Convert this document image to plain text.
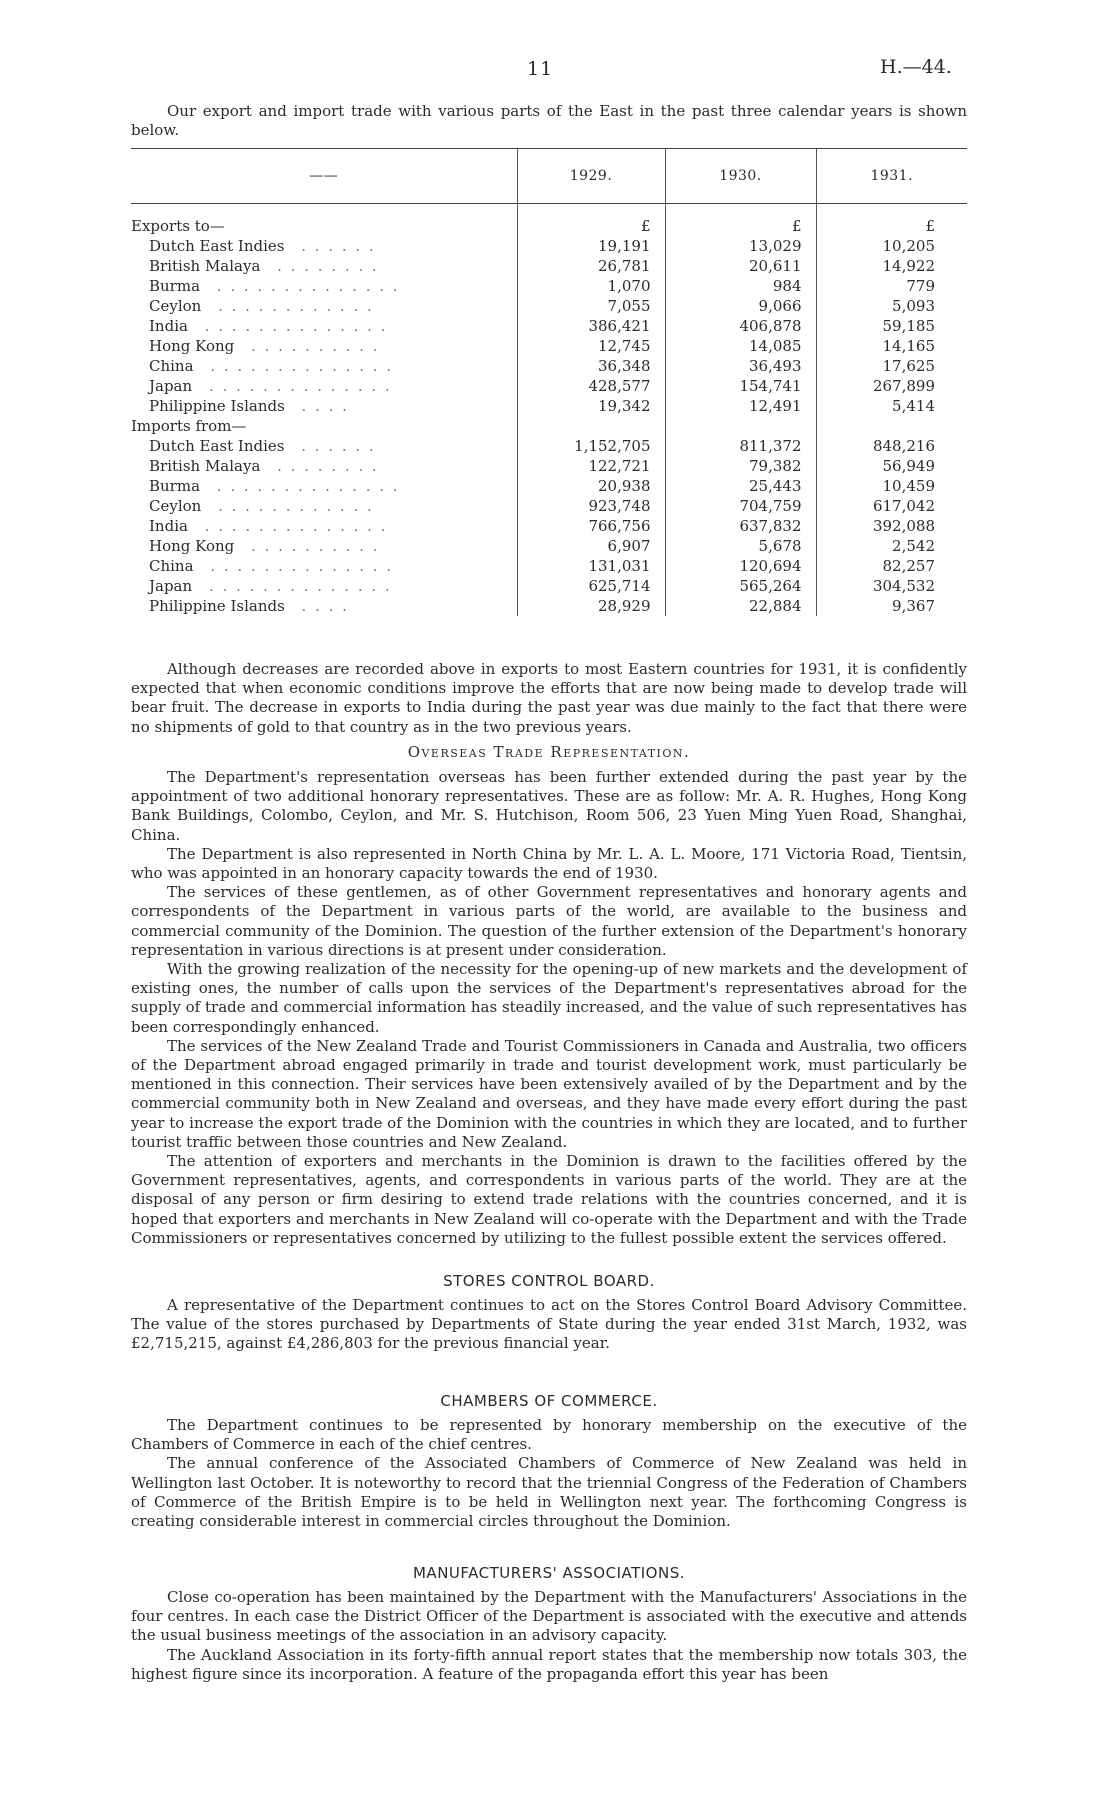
11	H.—44.

Our export and import trade with various parts of the East in the past three calendar years is shown below.

——	1929.	1930.	1931.

Exports to—	£	£	£
Dutch East Indies . . . . . .	19,191	13,029	10,205
British Malaya . . . . . . . .	26,781	20,611	14,922
Burma . . . . . . . . . . . . . .	1,070	984	779
Ceylon . . . . . . . . . . . .	7,055	9,066	5,093
India . . . . . . . . . . . . . .	386,421	406,878	59,185
Hong Kong . . . . . . . . . .	12,745	14,085	14,165
China . . . . . . . . . . . . . .	36,348	36,493	17,625
Japan . . . . . . . . . . . . . .	428,577	154,741	267,899
Philippine Islands . . . .	19,342	12,491	5,414
Imports from—			
Dutch East Indies . . . . . .	1,152,705	811,372	848,216
British Malaya . . . . . . . .	122,721	79,382	56,949
Burma . . . . . . . . . . . . . .	20,938	25,443	10,459
Ceylon . . . . . . . . . . . .	923,748	704,759	617,042
India . . . . . . . . . . . . . .	766,756	637,832	392,088
Hong Kong . . . . . . . . . .	6,907	5,678	2,542
China . . . . . . . . . . . . . .	131,031	120,694	82,257
Japan . . . . . . . . . . . . . .	625,714	565,264	304,532
Philippine Islands . . . .	28,929	22,884	9,367

Although decreases are recorded above in exports to most Eastern countries for 1931, it is confidently expected that when economic conditions improve the efforts that are now being made to develop trade will bear fruit. The decrease in exports to India during the past year was due mainly to the fact that there were no shipments of gold to that country as in the two previous years.

Overseas Trade Representation.

The Department's representation overseas has been further extended during the past year by the appointment of two additional honorary representatives. These are as follow: Mr. A. R. Hughes, Hong Kong Bank Buildings, Colombo, Ceylon, and Mr. S. Hutchison, Room 506, 23 Yuen Ming Yuen Road, Shanghai, China.

The Department is also represented in North China by Mr. L. A. L. Moore, 171 Victoria Road, Tientsin, who was appointed in an honorary capacity towards the end of 1930.

The services of these gentlemen, as of other Government representatives and honorary agents and correspondents of the Department in various parts of the world, are available to the business and commercial community of the Dominion. The question of the further extension of the Department's honorary representation in various directions is at present under consideration.

With the growing realization of the necessity for the opening-up of new markets and the development of existing ones, the number of calls upon the services of the Department's representatives abroad for the supply of trade and commercial information has steadily increased, and the value of such representatives has been correspondingly enhanced.

The services of the New Zealand Trade and Tourist Commissioners in Canada and Australia, two officers of the Department abroad engaged primarily in trade and tourist development work, must particularly be mentioned in this connection. Their services have been extensively availed of by the Department and by the commercial community both in New Zealand and overseas, and they have made every effort during the past year to increase the export trade of the Dominion with the countries in which they are located, and to further tourist traffic between those countries and New Zealand.

The attention of exporters and merchants in the Dominion is drawn to the facilities offered by the Government representatives, agents, and correspondents in various parts of the world. They are at the disposal of any person or firm desiring to extend trade relations with the countries concerned, and it is hoped that exporters and merchants in New Zealand will co-operate with the Department and with the Trade Commissioners or representatives concerned by utilizing to the fullest possible extent the services offered.

STORES CONTROL BOARD.

A representative of the Department continues to act on the Stores Control Board Advisory Committee. The value of the stores purchased by Departments of State during the year ended 31st March, 1932, was £2,715,215, against £4,286,803 for the previous financial year.

CHAMBERS OF COMMERCE.

The Department continues to be represented by honorary membership on the executive of the Chambers of Commerce in each of the chief centres.

The annual conference of the Associated Chambers of Commerce of New Zealand was held in Wellington last October. It is noteworthy to record that the triennial Congress of the Federation of Chambers of Commerce of the British Empire is to be held in Wellington next year. The forthcoming Congress is creating considerable interest in commercial circles throughout the Dominion.

MANUFACTURERS' ASSOCIATIONS.

Close co-operation has been maintained by the Department with the Manufacturers' Associations in the four centres. In each case the District Officer of the Department is associated with the executive and attends the usual business meetings of the association in an advisory capacity.

The Auckland Association in its forty-fifth annual report states that the membership now totals 303, the highest figure since its incorporation. A feature of the propaganda effort this year has been
